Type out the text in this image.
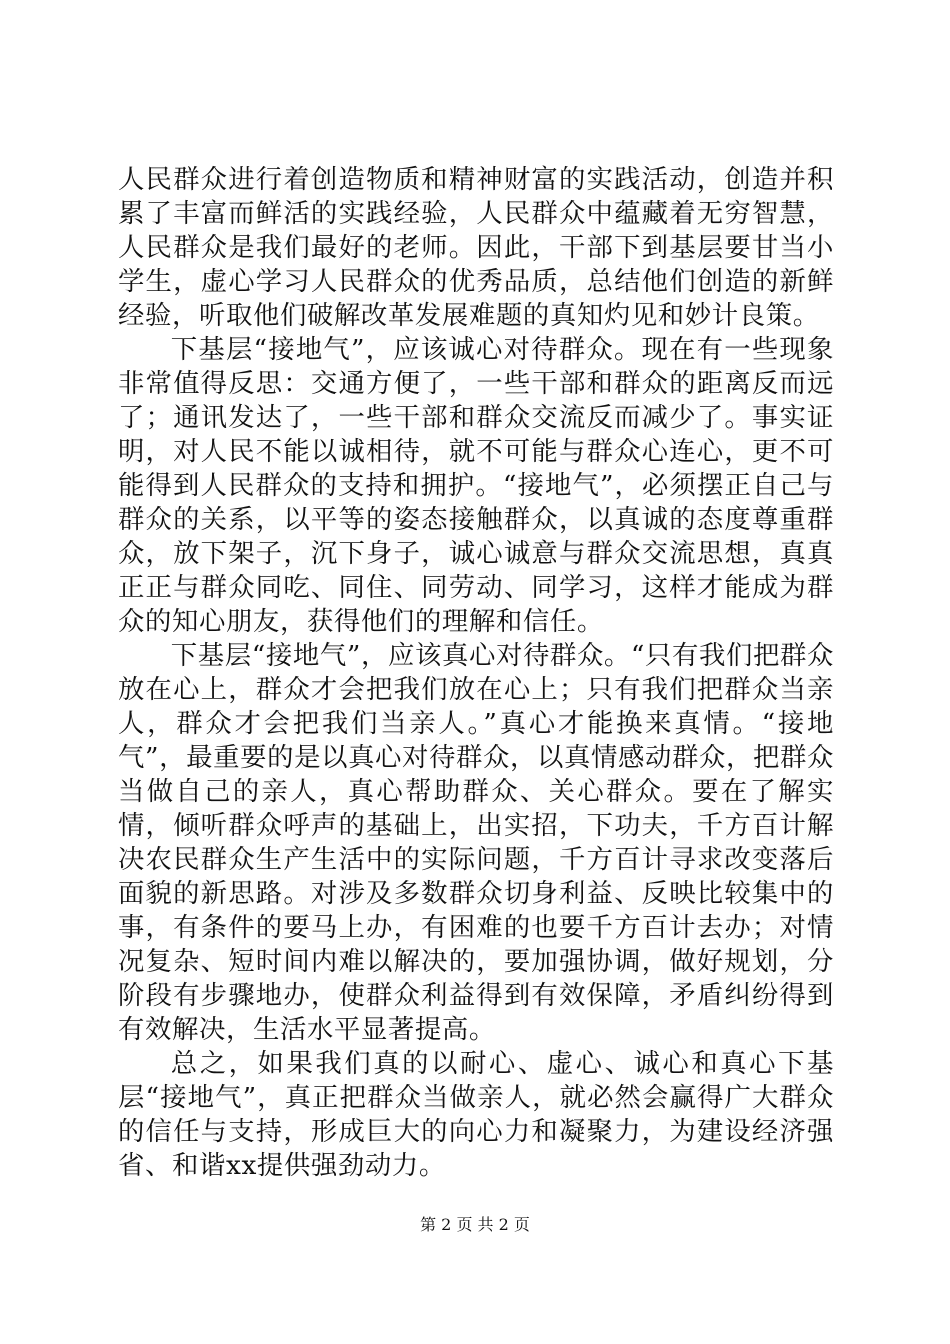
人民群众进行着创造物质和精神财富的实践活动，创造并积累了丰富而鲜活的实践经验，人民群众中蕴藏着无穷智慧，人民群众是我们最好的老师。因此，干部下到基层要甘当小学生，虚心学习人民群众的优秀品质，总结他们创造的新鲜经验，听取他们破解改革发展难题的真知灼见和妙计良策。

下基层“接地气”，应该诚心对待群众。现在有一些现象非常值得反思：交通方便了，一些干部和群众的距离反而远了；通讯发达了，一些干部和群众交流反而减少了。事实证明，对人民不能以诚相待，就不可能与群众心连心，更不可能得到人民群众的支持和拥护。“接地气”，必须摆正自己与群众的关系，以平等的姿态接触群众，以真诚的态度尊重群众，放下架子，沉下身子，诚心诚意与群众交流思想，真真正正与群众同吃、同住、同劳动、同学习，这样才能成为群众的知心朋友，获得他们的理解和信任。

下基层“接地气”，应该真心对待群众。“只有我们把群众放在心上，群众才会把我们放在心上；只有我们把群众当亲人，群众才会把我们当亲人。”真心才能换来真情。“接地气”，最重要的是以真心对待群众，以真情感动群众，把群众当做自己的亲人，真心帮助群众、关心群众。要在了解实情，倾听群众呼声的基础上，出实招，下功夫，千方百计解决农民群众生产生活中的实际问题，千方百计寻求改变落后面貌的新思路。对涉及多数群众切身利益、反映比较集中的事，有条件的要马上办，有困难的也要千方百计去办；对情况复杂、短时间内难以解决的，要加强协调，做好规划，分阶段有步骤地办，使群众利益得到有效保障，矛盾纠纷得到有效解决，生活水平显著提高。

总之，如果我们真的以耐心、虚心、诚心和真心下基层“接地气”，真正把群众当做亲人，就必然会赢得广大群众的信任与支持，形成巨大的向心力和凝聚力，为建设经济强省、和谐xx提供强劲动力。

第 2 页 共 2 页
